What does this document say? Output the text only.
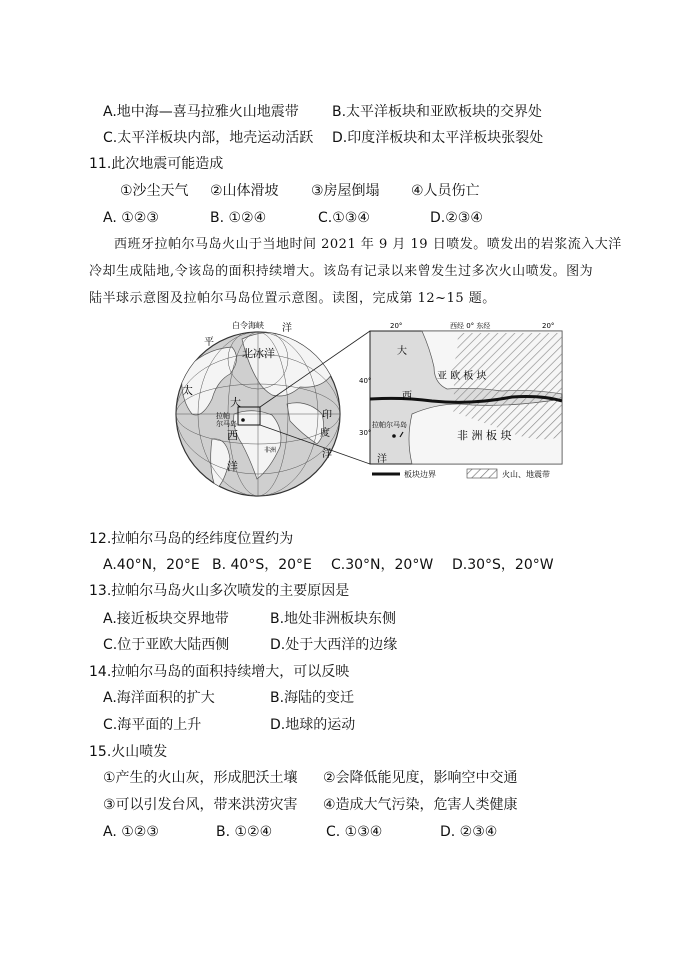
A.地中海—喜马拉雅火山地震带 B.太平洋板块和亚欧板块的交界处
C.太平洋板块内部，地壳运动活跃 D.印度洋板块和太平洋板块张裂处
11.此次地震可能造成
①沙尘天气 ②山体滑坡 ③房屋倒塌 ④人员伤亡
A. ①②③	B. ①②④	C.①③④	D.②③④
西班牙拉帕尔马岛火山于当地时间 2021 年 9 月 19 日喷发。喷发出的岩浆流入大洋
冷却生成陆地,令该岛的面积持续增大。该岛有记录以来曾发生过多次火山喷发。图为
陆半球示意图及拉帕尔马岛位置示意图。读图，完成第 12~15 题。
白令海峡
平
洋
北冰洋
太
大
拉帕
尔马岛
西
印
度
洋
洋
非洲
20°	西经 0° 东经	20°
40°
30°
大
西
洋
亚 欧 板 块
非 洲 板 块
拉帕尔马岛
板块边界	火山、地震带
12.拉帕尔马岛的经纬度位置约为
A.40°N，20°E B. 40°S，20°E C.30°N，20°W D.30°S，20°W
13.拉帕尔马岛火山多次喷发的主要原因是
A.接近板块交界地带	B.地处非洲板块东侧
C.位于亚欧大陆西侧	D.处于大西洋的边缘
14.拉帕尔马岛的面积持续增大，可以反映
A.海洋面积的扩大	B.海陆的变迁
C.海平面的上升	D.地球的运动
15.火山喷发
①产生的火山灰，形成肥沃土壤 ②会降低能见度，影响空中交通
③可以引发台风，带来洪涝灾害 ④造成大气污染，危害人类健康
A. ①②③	B. ①②④	C. ①③④	D. ②③④
